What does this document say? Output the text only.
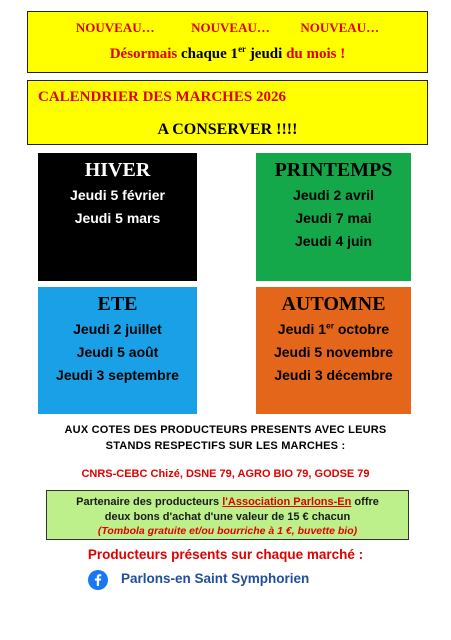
NOUVEAU…	NOUVEAU… NOUVEAU…
Désormais chaque 1er jeudi du mois !
CALENDRIER DES MARCHES 2026
A CONSERVER !!!!
HIVER
Jeudi 5 février
Jeudi 5 mars
PRINTEMPS
Jeudi 2 avril
Jeudi 7 mai
Jeudi 4 juin
ETE
Jeudi 2 juillet
Jeudi 5 août
Jeudi 3 septembre
AUTOMNE
Jeudi 1er octobre
Jeudi 5 novembre
Jeudi 3 décembre
AUX COTES DES PRODUCTEURS PRESENTS AVEC LEURS
STANDS RESPECTIFS SUR LES MARCHES :
CNRS-CEBC Chizé, DSNE 79, AGRO BIO 79, GODSE 79
Partenaire des producteurs l'Association Parlons-En offre
deux bons d'achat d'une valeur de 15 € chacun
(Tombola gratuite et/ou bourriche à 1 €, buvette bio)
Producteurs présents sur chaque marché :
Parlons-en Saint Symphorien
